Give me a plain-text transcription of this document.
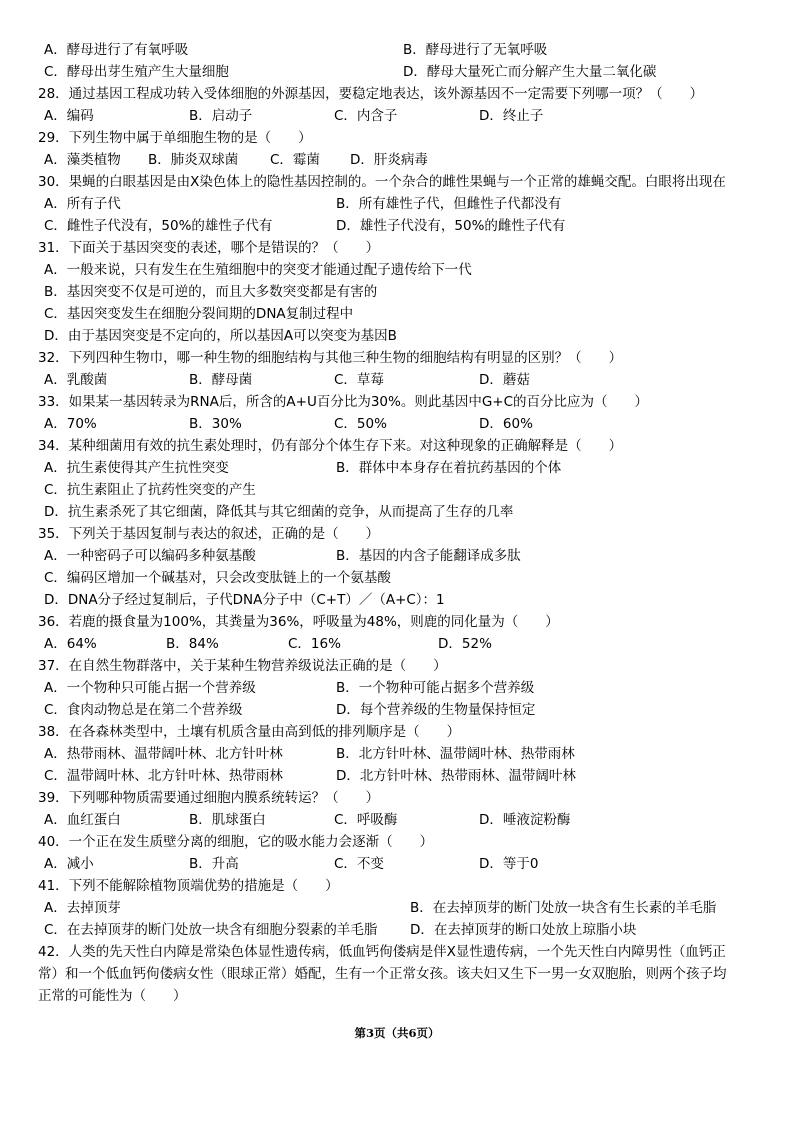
A．酵母进行了有氧呼吸	B．酵母进行了无氧呼吸
C．酵母出芽生殖产生大量细胞	D．酵母大量死亡而分解产生大量二氧化碳
28．通过基因工程成功转入受体细胞的外源基因，要稳定地表达，该外源基因不一定需要下列哪一项？（　　）
A．编码	B．启动子	C．内含子	D．终止子
29．下列生物中属于单细胞生物的是（　　）
A．藻类植物	B．肺炎双球菌	C．霉菌	D．肝炎病毒
30．果蝇的白眼基因是由X染色体上的隐性基因控制的。一个杂合的雌性果蝇与一个正常的雄蝇交配。白眼将出现在
A．所有子代	B．所有雄性子代，但雌性子代都没有
C．雌性子代没有，50%的雄性子代有	D．雄性子代没有，50%的雌性子代有
31．下面关于基因突变的表述，哪个是错误的？（　　）
A．一般来说，只有发生在生殖细胞中的突变才能通过配子遗传给下一代
B．基因突变不仅是可逆的，而且大多数突变都是有害的
C．基因突变发生在细胞分裂间期的DNA复制过程中
D．由于基因突变是不定向的，所以基因A可以突变为基因B
32．下列四种生物巾，哪一种生物的细胞结构与其他三种生物的细胞结构有明显的区别？（　　）
A．乳酸菌	B．酵母菌	C．草莓	D．蘑菇
33．如果某一基因转录为RNA后，所含的A+U百分比为30%。则此基因中G+C的百分比应为（　　）
A．70%	B．30%	C．50%	D．60%
34．某种细菌用有效的抗生素处理时，仍有部分个体生存下来。对这种现象的正确解释是（　　）
A．抗生素使得其产生抗性突变	B．群体中本身存在着抗药基因的个体
C．抗生素阻止了抗药性突变的产生
D．抗生素杀死了其它细菌，降低其与其它细菌的竞争，从而提高了生存的几率
35．下列关于基因复制与表达的叙述，正确的是（　　）
A．一种密码子可以编码多种氨基酸	B．基因的内含子能翻译成多肽
C．编码区增加一个碱基对，只会改变肽链上的一个氨基酸
D．DNA分子经过复制后，子代DNA分子中（C+T）／（A+C）：1
36．若鹿的摄食量为100%，其粪量为36%，呼吸量为48%，则鹿的同化量为（　　）
A．64%	B．84%	C．16%	D．52%
37．在自然生物群落中，关于某种生物营养级说法正确的是（　　）
A．一个物种只可能占据一个营养级	B．一个物种可能占据多个营养级
C．食肉动物总是在第二个营养级	D．每个营养级的生物量保持恒定
38．在各森林类型中，土壤有机质含量由高到低的排列顺序是（　　）
A．热带雨林、温带阔叶林、北方针叶林	B．北方针叶林、温带阔叶林、热带雨林
C．温带阔叶林、北方针叶林、热带雨林	D．北方针叶林、热带雨林、温带阔叶林
39．下列哪种物质需要通过细胞内膜系统转运？（　　）
A．血红蛋白	B．肌球蛋白	C．呼吸酶	D．唾液淀粉酶
40．一个正在发生质壁分离的细胞，它的吸水能力会逐渐（　　）
A．减小	B．升高	C．不变	D．等于0
41．下列不能解除植物顶端优势的措施是（　　）
A．去掉顶芽	B．在去掉顶芽的断门处放一块含有生长素的羊毛脂
C．在去掉顶芽的断门处放一块含有细胞分裂素的羊毛脂	D．在去掉顶芽的断口处放上琼脂小块
42．人类的先天性白内障是常染色体显性遗传病，低血钙佝偻病是伴X显性遗传病，一个先天性白内障男性（血钙正
常）和一个低血钙佝偻病女性（眼球正常）婚配，生有一个正常女孩。该夫妇又生下一男一女双胞胎，则两个孩子均
正常的可能性为（　　）
第3页（共6页）
